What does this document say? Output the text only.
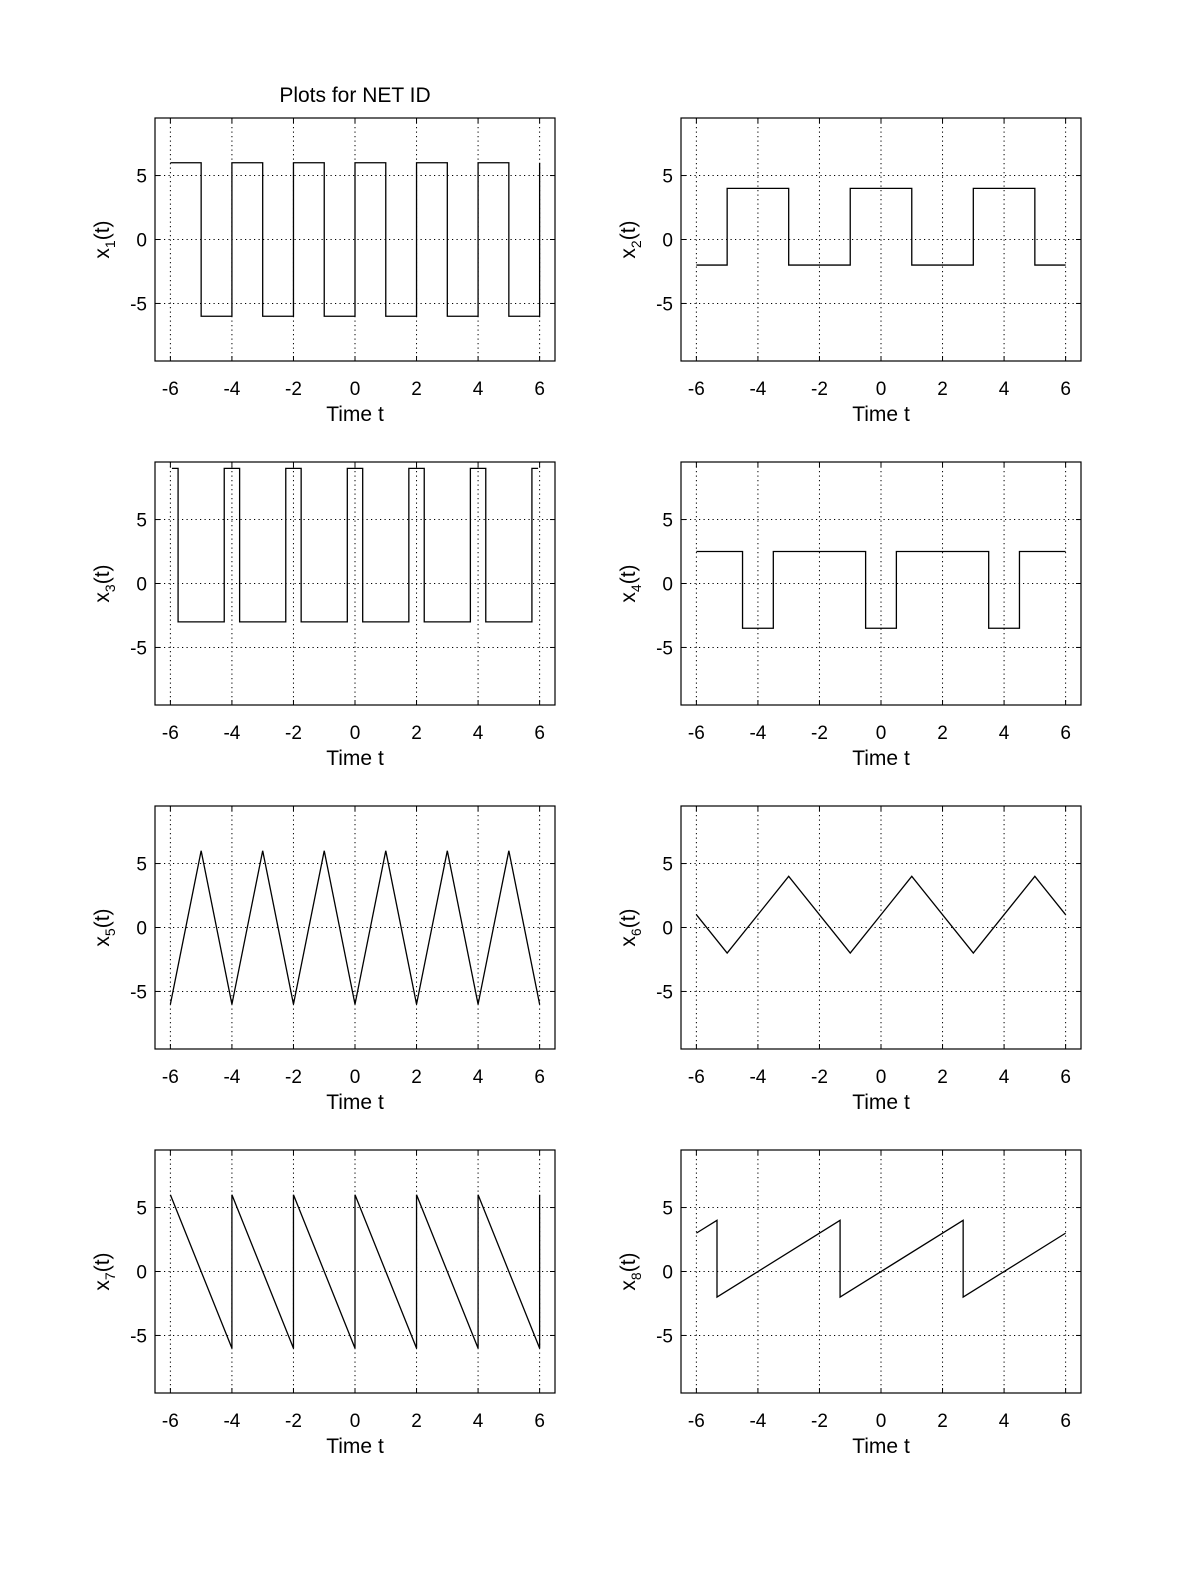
Plots for NET ID
-6 -4 -2	0	2	4	6
5
0
-5
Time t
$x_1(t)$
-6 -4 -2	0	2	4	6
5
0
-5
Time t
$x_2(t)$
-6 -4 -2	0	2	4	6
5
0
-5
Time t
$x_3(t)$
-6 -4 -2	0	2	4	6
5
0
-5
Time t
$x_4(t)$
-6 -4 -2	0	2	4	6
5
0
-5
Time t
$x_5(t)$
-6 -4 -2	0	2	4	6
5
0
-5
Time t
$x_6(t)$
-6 -4 -2	0	2	4	6
5
0
-5
Time t
$x_7(t)$
-6 -4 -2	0	2	4	6
5
0
-5
Time t
$x_8(t)$
